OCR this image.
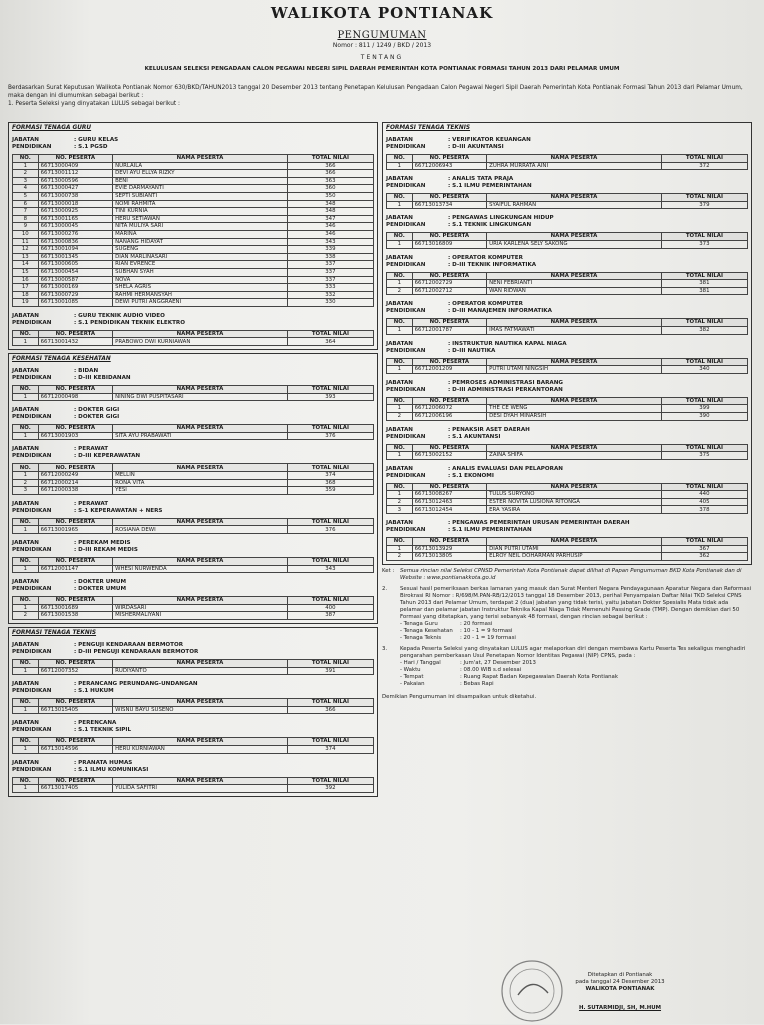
WALIKOTA PONTIANAK
PENGUMUMAN
Nomor : 811 / 1249 / BKD / 2013
TENTANG
KELULUSAN SELEKSI PENGADAAN CALON PEGAWAI NEGERI SIPIL DAERAH PEMERINTAH KOTA PONTIANAK FORMASI TAHUN 2013 DARI PELAMAR UMUM
Berdasarkan Surat Keputusan Walikota Pontianak Nomor 630/BKD/TAHUN2013 tanggal 20 Desember 2013 tentang Penetapan Kelulusan Pengadaan Calon Pegawai Negeri Sipil Daerah Pemerintah Kota Pontianak Formasi Tahun 2013 dari Pelamar Umum, maka dengan ini diumumkan sebagai berikut :
1. Peserta Seleksi yang dinyatakan LULUS sebagai berikut :
FORMASI TENAGA GURU
JABATAN	: GURU KELAS
PENDIDIKAN	: S.1 PGSD
NO.	NO. PESERTA	NAMA PESERTA	TOTAL NILAI
1	66713000409	NURLAILA	366
2	66713001112	DEVI AYU ELLYA RIZKY	366
3	66713000596	BENI	363
4	66713000427	EVIE DARMAYANTI	360
5	66713000738	SEPTI SUBIANTI	350
6	66713000018	NOMI RAHMITA	348
7	66713000925	TINI KURNIA	348
8	66713001165	HERU SETIAWAN	347
9	66713000045	NITA MULIYA SARI	346
10	66713000276	MARINA	346
11	66713000836	NANANG HIDAYAT	343
12	66713001094	SUGENG	339
13	66713001345	DIAN MARLINASARI	338
14	66713000605	RIAN EVRENCE	337
15	66713000454	SUBHAN SYAH	337
16	66713000587	NOVA	337
17	66713000169	SHELA AGRIS	333
18	66713000729	RAHMI HERMANSYAH	332
19	66713001085	DEWI PUTRI ANGGRAENI	330
JABATAN	: GURU TEKNIK AUDIO VIDEO
PENDIDIKAN	: S.1 PENDIDIKAN TEKNIK ELEKTRO
NO.	NO. PESERTA	NAMA PESERTA	TOTAL NILAI
1	66713001432	PRABOWO DWI KURNIAWAN	364
FORMASI TENAGA KESEHATAN
JABATAN	: BIDAN
PENDIDIKAN	: D-III KEBIDANAN
NO.	NO. PESERTA	NAMA PESERTA	TOTAL NILAI
1	66712000498	NINING DWI PUSPITASARI	393
JABATAN	: DOKTER GIGI
PENDIDIKAN	: DOKTER GIGI
NO.	NO. PESERTA	NAMA PESERTA	TOTAL NILAI
1	66713001903	SITA AYU PRABAWATI	376
JABATAN	: PERAWAT
PENDIDIKAN	: D-III KEPERAWATAN
NO.	NO. PESERTA	NAMA PESERTA	TOTAL NILAI
1	66712000249	MELLIN	374
2	66712000214	RONA VITA	368
3	66712000338	YESI	359
JABATAN	: PERAWAT
PENDIDIKAN	: S-1 KEPERAWATAN + NERS
NO.	NO. PESERTA	NAMA PESERTA	TOTAL NILAI
1	66713001965	ROSIANA DEWI	376
JABATAN	: PEREKAM MEDIS
PENDIDIKAN	: D-III REKAM MEDIS
NO.	NO. PESERTA	NAMA PESERTA	TOTAL NILAI
1	66712001147	WHESI NURWENDA	343
JABATAN	: DOKTER UMUM
PENDIDIKAN	: DOKTER UMUM
NO.	NO. PESERTA	NAMA PESERTA	TOTAL NILAI
1	66713001689	WIRDASARI	400
2	66713001538	MISHERMALIYANI	387
FORMASI TENAGA TEKNIS
JABATAN	: PENGUJI KENDARAAN BERMOTOR
PENDIDIKAN	: D-III PENGUJI KENDARAAN BERMOTOR
NO.	NO. PESERTA	NAMA PESERTA	TOTAL NILAI
1	66712007352	RUDIYANTO	391
JABATAN	: PERANCANG PERUNDANG-UNDANGAN
PENDIDIKAN	: S.1 HUKUM
NO.	NO. PESERTA	NAMA PESERTA	TOTAL NILAI
1	66713015405	WISNU BAYU SUSENO	366
JABATAN	: PERENCANA
PENDIDIKAN	: S.1 TEKNIK SIPIL
NO.	NO. PESERTA	NAMA PESERTA	TOTAL NILAI
1	66713014596	HERU KURNIAWAN	374
JABATAN	: PRANATA HUMAS
PENDIDIKAN	: S.1 ILMU KOMUNIKASI
NO.	NO. PESERTA	NAMA PESERTA	TOTAL NILAI
1	66713017405	YULIDA SAFITRI	392
FORMASI TENAGA TEKNIS
JABATAN	: VERIFIKATOR KEUANGAN
PENDIDIKAN	: D-III AKUNTANSI
NO.	NO. PESERTA	NAMA PESERTA	TOTAL NILAI
1	66712006943	ZUHRA MURRATA AINI	372
JABATAN	: ANALIS TATA PRAJA
PENDIDIKAN	: S.1 ILMU PEMERINTAHAN
NO.	NO. PESERTA	NAMA PESERTA	TOTAL NILAI
1	66713013734	SYAIFUL RAHMAN	379
JABATAN	: PENGAWAS LINGKUNGAN HIDUP
PENDIDIKAN	: S.1 TEKNIK LINGKUNGAN
NO.	NO. PESERTA	NAMA PESERTA	TOTAL NILAI
1	66713016809	URIA KARLENA SELY SAKONG	373
JABATAN	: OPERATOR KOMPUTER
PENDIDIKAN	: D-III TEKNIK INFORMATIKA
NO.	NO. PESERTA	NAMA PESERTA	TOTAL NILAI
1	66712002729	NENI FEBRIANTI	381
2	66712002712	WAN RIDWAN	381
JABATAN	: OPERATOR KOMPUTER
PENDIDIKAN	: D-III MANAJEMEN INFORMATIKA
NO.	NO. PESERTA	NAMA PESERTA	TOTAL NILAI
1	66712001787	IMAS FATMAWATI	382
JABATAN	: INSTRUKTUR NAUTIKA KAPAL NIAGA
PENDIDIKAN	: D-III NAUTIKA
NO.	NO. PESERTA	NAMA PESERTA	TOTAL NILAI
1	66712001209	PUTRI UTAMI NINGSIH	340
JABATAN	: PEMROSES ADMINISTRASI BARANG
PENDIDIKAN	: D-III ADMINISTRASI PERKANTORAN
NO.	NO. PESERTA	NAMA PESERTA	TOTAL NILAI
1	66712006072	THE CE WENG	399
2	66712006196	DESI DYAH MINARSIH	390
JABATAN	: PENAKSIR ASET DAERAH
PENDIDIKAN	: S.1 AKUNTANSI
NO.	NO. PESERTA	NAMA PESERTA	TOTAL NILAI
1	66713002152	ZAINA SHIFA	375
JABATAN	: ANALIS EVALUASI DAN PELAPORAN
PENDIDIKAN	: S.1 EKONOMI
NO.	NO. PESERTA	NAMA PESERTA	TOTAL NILAI
1	66713008267	TULUS SURYONO	440
2	66713012463	ESTER NOVITA LUSIONA RITONGA	405
3	66713012454	ERA YASIRA	378
JABATAN	: PENGAWAS PEMERINTAH URUSAN PEMERINTAH DAERAH
PENDIDIKAN	: S.1 ILMU PEMERINTAHAN
NO.	NO. PESERTA	NAMA PESERTA	TOTAL NILAI
1	66713013929	DIAN PUTRI UTAMI	367
2	66713013805	ELROY NEIL DOHARMAN PARHUSIP	362
Ket :	Semua rincian nilai Seleksi CPNSD Pemerintah Kota Pontianak dapat dilihat di Papan Pengumuman BKD Kota Pontianak dan di Website : www.pontianakkota.go.id
2.	Sesuai hasil pemeriksaan berkas lamaran yang masuk dan Surat Menteri Negara Pendayagunaan Aparatur Negara dan Reformasi Birokrasi RI Nomor : R/698/M.PAN-RB/12/2013 tanggal 18 Desember 2013, perihal Penyampaian Daftar Nilai TKD Seleksi CPNS Tahun 2013 dari Pelamar Umum, terdapat 2 (dua) jabatan yang tidak terisi, yaitu jabatan Dokter Spesialis Mata tidak ada pelamar dan pelamar jabatan Instruktur Teknika Kapal Niaga Tidak Memenuhi Passing Grade (TMP). Dengan demikian dari 50 Formasi yang ditetapkan, yang terisi sebanyak 48 formasi, dengan rincian sebagai berikut :
- Tenaga Guru	: 20 formasi
- Tenaga Kesehatan	: 10 - 1 = 9 formasi
- Tenaga Teknis	: 20 - 1 = 19 formasi
3.	Kepada Peserta Seleksi yang dinyatakan LULUS agar melaporkan diri dengan membawa Kartu Peserta Tes sekaligus menghadiri pengarahan pemberkasan Usul Penetapan Nomor Identitas Pegawai (NIP) CPNS, pada :
- Hari / Tanggal	: Jum'at, 27 Desember 2013
- Waktu	: 08.00 WIB s.d selesai
- Tempat	: Ruang Rapat Badan Kepegawaian Daerah Kota Pontianak
- Pakaian	: Bebas Rapi
Demikian Pengumuman ini disampaikan untuk diketahui.
Ditetapkan di Pontianak
pada tanggal 24 Desember 2013
WALIKOTA PONTIANAK
H. SUTARMIDJI, SH, M.HUM
